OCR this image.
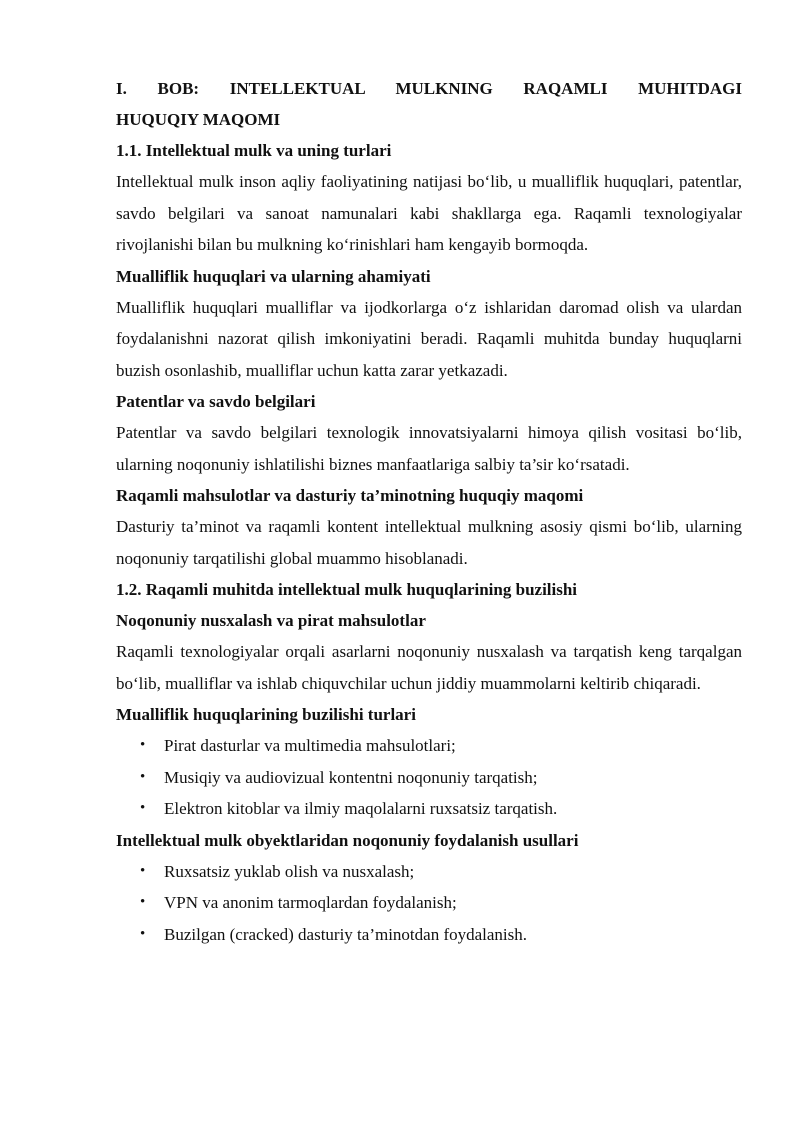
I. BOB: INTELLEKTUAL MULKNING RAQAMLI MUHITDAGI
HUQUQIY MAQOMI
1.1. Intellektual mulk va uning turlari

Intellektual mulk inson aqliy faoliyatining natijasi bo‘lib, u mualliflik huquqlari, patentlar, savdo belgilari va sanoat namunalari kabi shakllarga ega. Raqamli texnologiyalar rivojlanishi bilan bu mulkning ko‘rinishlari ham kengayib bormoqda.

Mualliflik huquqlari va ularning ahamiyati

Mualliflik huquqlari mualliflar va ijodkorlarga o‘z ishlaridan daromad olish va ulardan foydalanishni nazorat qilish imkoniyatini beradi. Raqamli muhitda bunday huquqlarni buzish osonlashib, mualliflar uchun katta zarar yetkazadi.

Patentlar va savdo belgilari

Patentlar va savdo belgilari texnologik innovatsiyalarni himoya qilish vositasi bo‘lib, ularning noqonuniy ishlatilishi biznes manfaatlariga salbiy ta’sir ko‘rsatadi.

Raqamli mahsulotlar va dasturiy ta’minotning huquqiy maqomi

Dasturiy ta’minot va raqamli kontent intellektual mulkning asosiy qismi bo‘lib, ularning noqonuniy tarqatilishi global muammo hisoblanadi.

1.2. Raqamli muhitda intellektual mulk huquqlarining buzilishi
Noqonuniy nusxalash va pirat mahsulotlar

Raqamli texnologiyalar orqali asarlarni noqonuniy nusxalash va tarqatish keng tarqalgan bo‘lib, mualliflar va ishlab chiquvchilar uchun jiddiy muammolarni keltirib chiqaradi.

Mualliflik huquqlarining buzilishi turlari
• Pirat dasturlar va multimedia mahsulotlari;
• Musiqiy va audiovizual kontentni noqonuniy tarqatish;
• Elektron kitoblar va ilmiy maqolalarni ruxsatsiz tarqatish.
Intellektual mulk obyektlaridan noqonuniy foydalanish usullari
• Ruxsatsiz yuklab olish va nusxalash;
• VPN va anonim tarmoqlardan foydalanish;
• Buzilgan (cracked) dasturiy ta’minotdan foydalanish.
